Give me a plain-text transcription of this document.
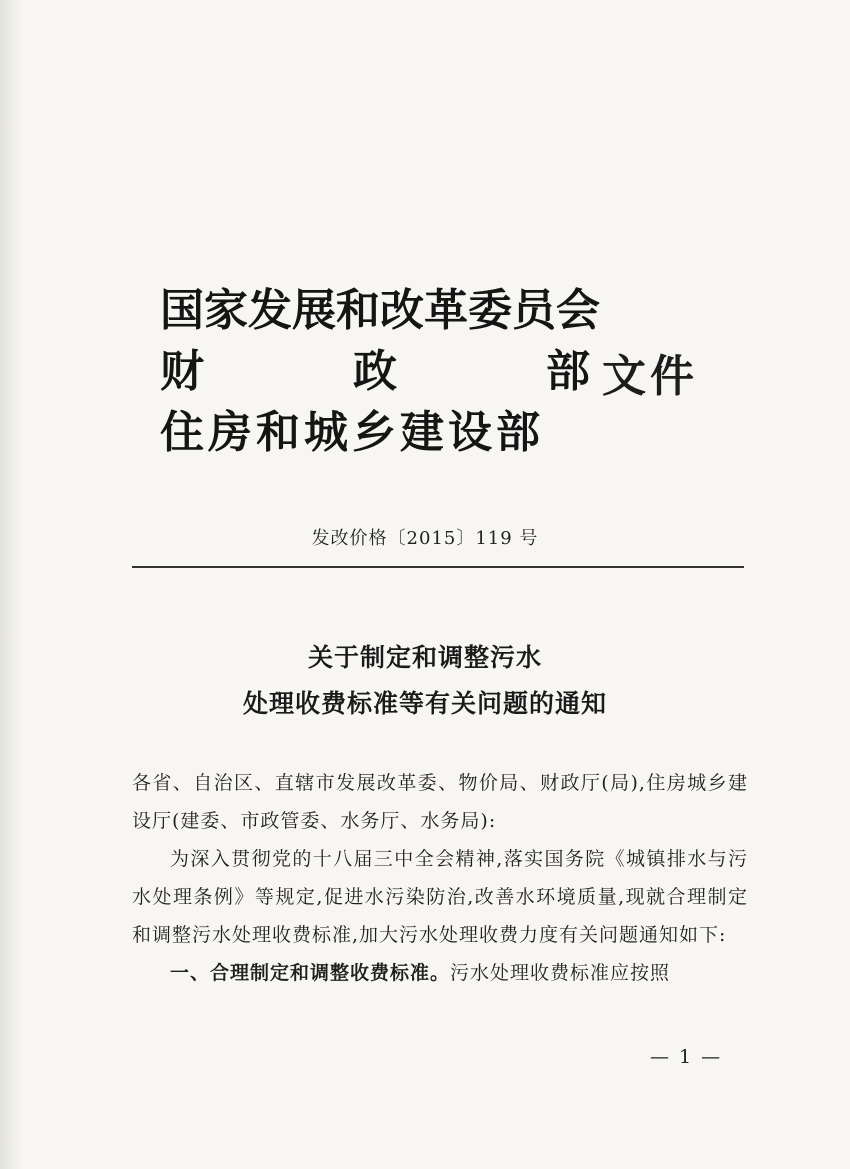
国家发展和改革委员会
财	政	部 文件
住房和城乡建设部
发改价格〔2015〕119 号
关于制定和调整污水
处理收费标准等有关问题的通知

各省、自治区、直辖市发展改革委、物价局、财政厅(局),住房城乡建设厅(建委、市政管委、水务厅、水务局):

为深入贯彻党的十八届三中全会精神,落实国务院《城镇排水与污水处理条例》等规定,促进水污染防治,改善水环境质量,现就合理制定和调整污水处理收费标准,加大污水处理收费力度有关问题通知如下:

一、合理制定和调整收费标准。污水处理收费标准应按照

— 1 —
